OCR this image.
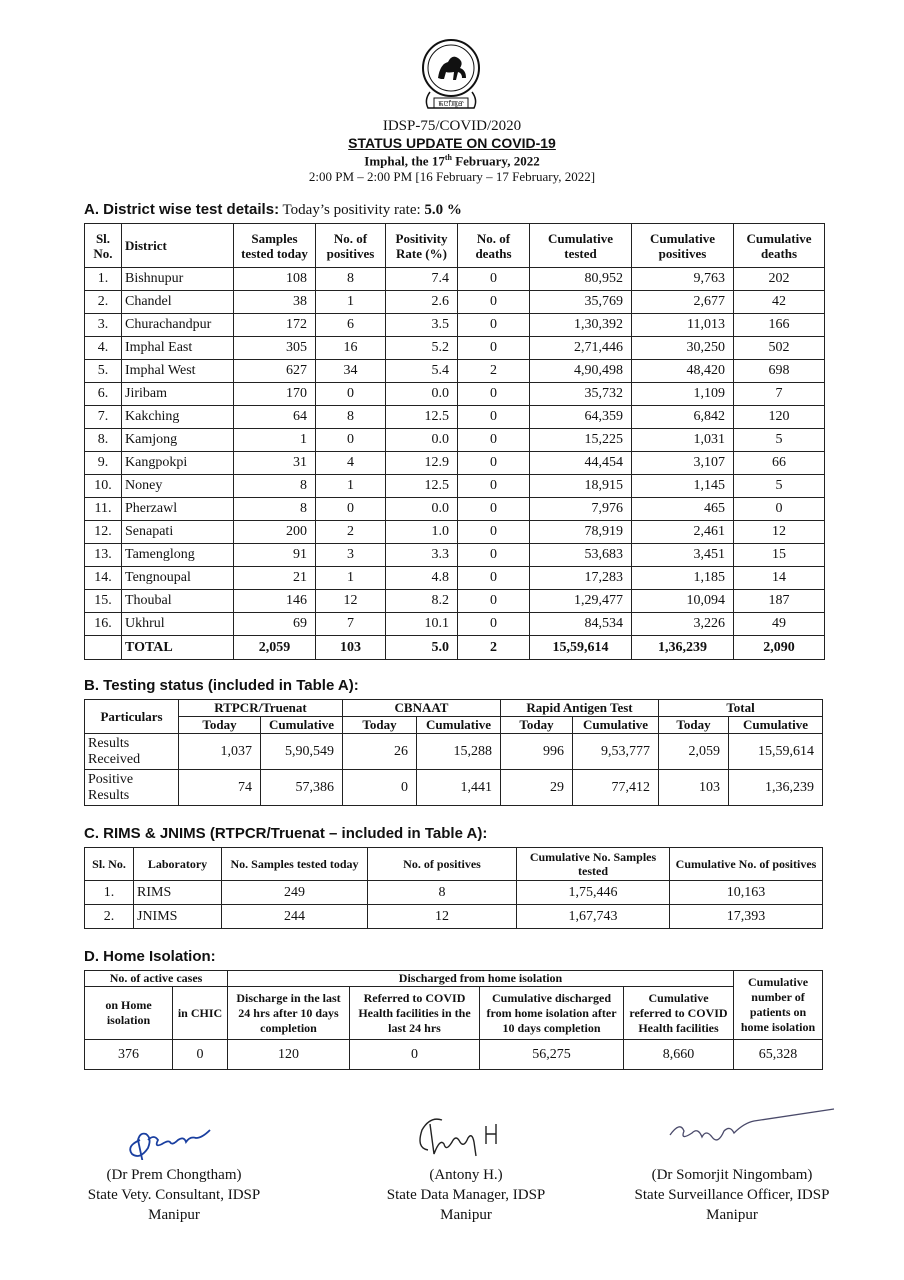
ꯃꯅꯤꯄꯨꯔ
IDSP-75/COVID/2020
STATUS UPDATE ON COVID-19
Imphal, the 17th February, 2022
2:00 PM – 2:00 PM [16 February – 17 February, 2022]
A. District wise test details: Today’s positivity rate: 5.0 %
Sl. No.	District	Samples tested today	No. of positives	Positivity Rate (%)	No. of deaths	Cumulative tested	Cumulative positives	Cumulative deaths
1.	Bishnupur	108	8	7.4	0	80,952	9,763	202
2.	Chandel	38	1	2.6	0	35,769	2,677	42
3.	Churachandpur	172	6	3.5	0	1,30,392	11,013	166
4.	Imphal East	305	16	5.2	0	2,71,446	30,250	502
5.	Imphal West	627	34	5.4	2	4,90,498	48,420	698
6.	Jiribam	170	0	0.0	0	35,732	1,109	7
7.	Kakching	64	8	12.5	0	64,359	6,842	120
8.	Kamjong	1	0	0.0	0	15,225	1,031	5
9.	Kangpokpi	31	4	12.9	0	44,454	3,107	66
10.	Noney	8	1	12.5	0	18,915	1,145	5
11.	Pherzawl	8	0	0.0	0	7,976	465	0
12.	Senapati	200	2	1.0	0	78,919	2,461	12
13.	Tamenglong	91	3	3.3	0	53,683	3,451	15
14.	Tengnoupal	21	1	4.8	0	17,283	1,185	14
15.	Thoubal	146	12	8.2	0	1,29,477	10,094	187
16.	Ukhrul	69	7	10.1	0	84,534	3,226	49
	TOTAL	2,059	103	5.0	2	15,59,614	1,36,239	2,090
B. Testing status (included in Table A):
Particulars	RTPCR/Truenat		CBNAAT		Rapid Antigen Test		Total	
	Today	Cumulative	Today	Cumulative	Today	Cumulative	Today	Cumulative
Results Received	1,037	5,90,549	26	15,288	996	9,53,777	2,059	15,59,614
Positive Results	74	57,386	0	1,441	29	77,412	103	1,36,239
C. RIMS & JNIMS (RTPCR/Truenat – included in Table A):
Sl. No.	Laboratory	No. Samples tested today	No. of positives	Cumulative No. Samples tested	Cumulative No. of positives
1.	RIMS	249	8	1,75,446	10,163
2.	JNIMS	244	12	1,67,743	17,393
D. Home Isolation:
No. of active cases		Discharged from home isolation				Cumulative number of patients on home isolation
on Home isolation	in CHIC	Discharge in the last 24 hrs after 10 days completion	Referred to COVID Health facilities in the last 24 hrs	Cumulative discharged from home isolation after 10 days completion	Cumulative referred to COVID Health facilities	
376	0	120	0	56,275	8,660	65,328
(Dr Prem Chongtham)
State Vety. Consultant, IDSP
Manipur
(Antony H.)
State Data Manager, IDSP
Manipur
(Dr Somorjit Ningombam)
State Surveillance Officer, IDSP
Manipur
